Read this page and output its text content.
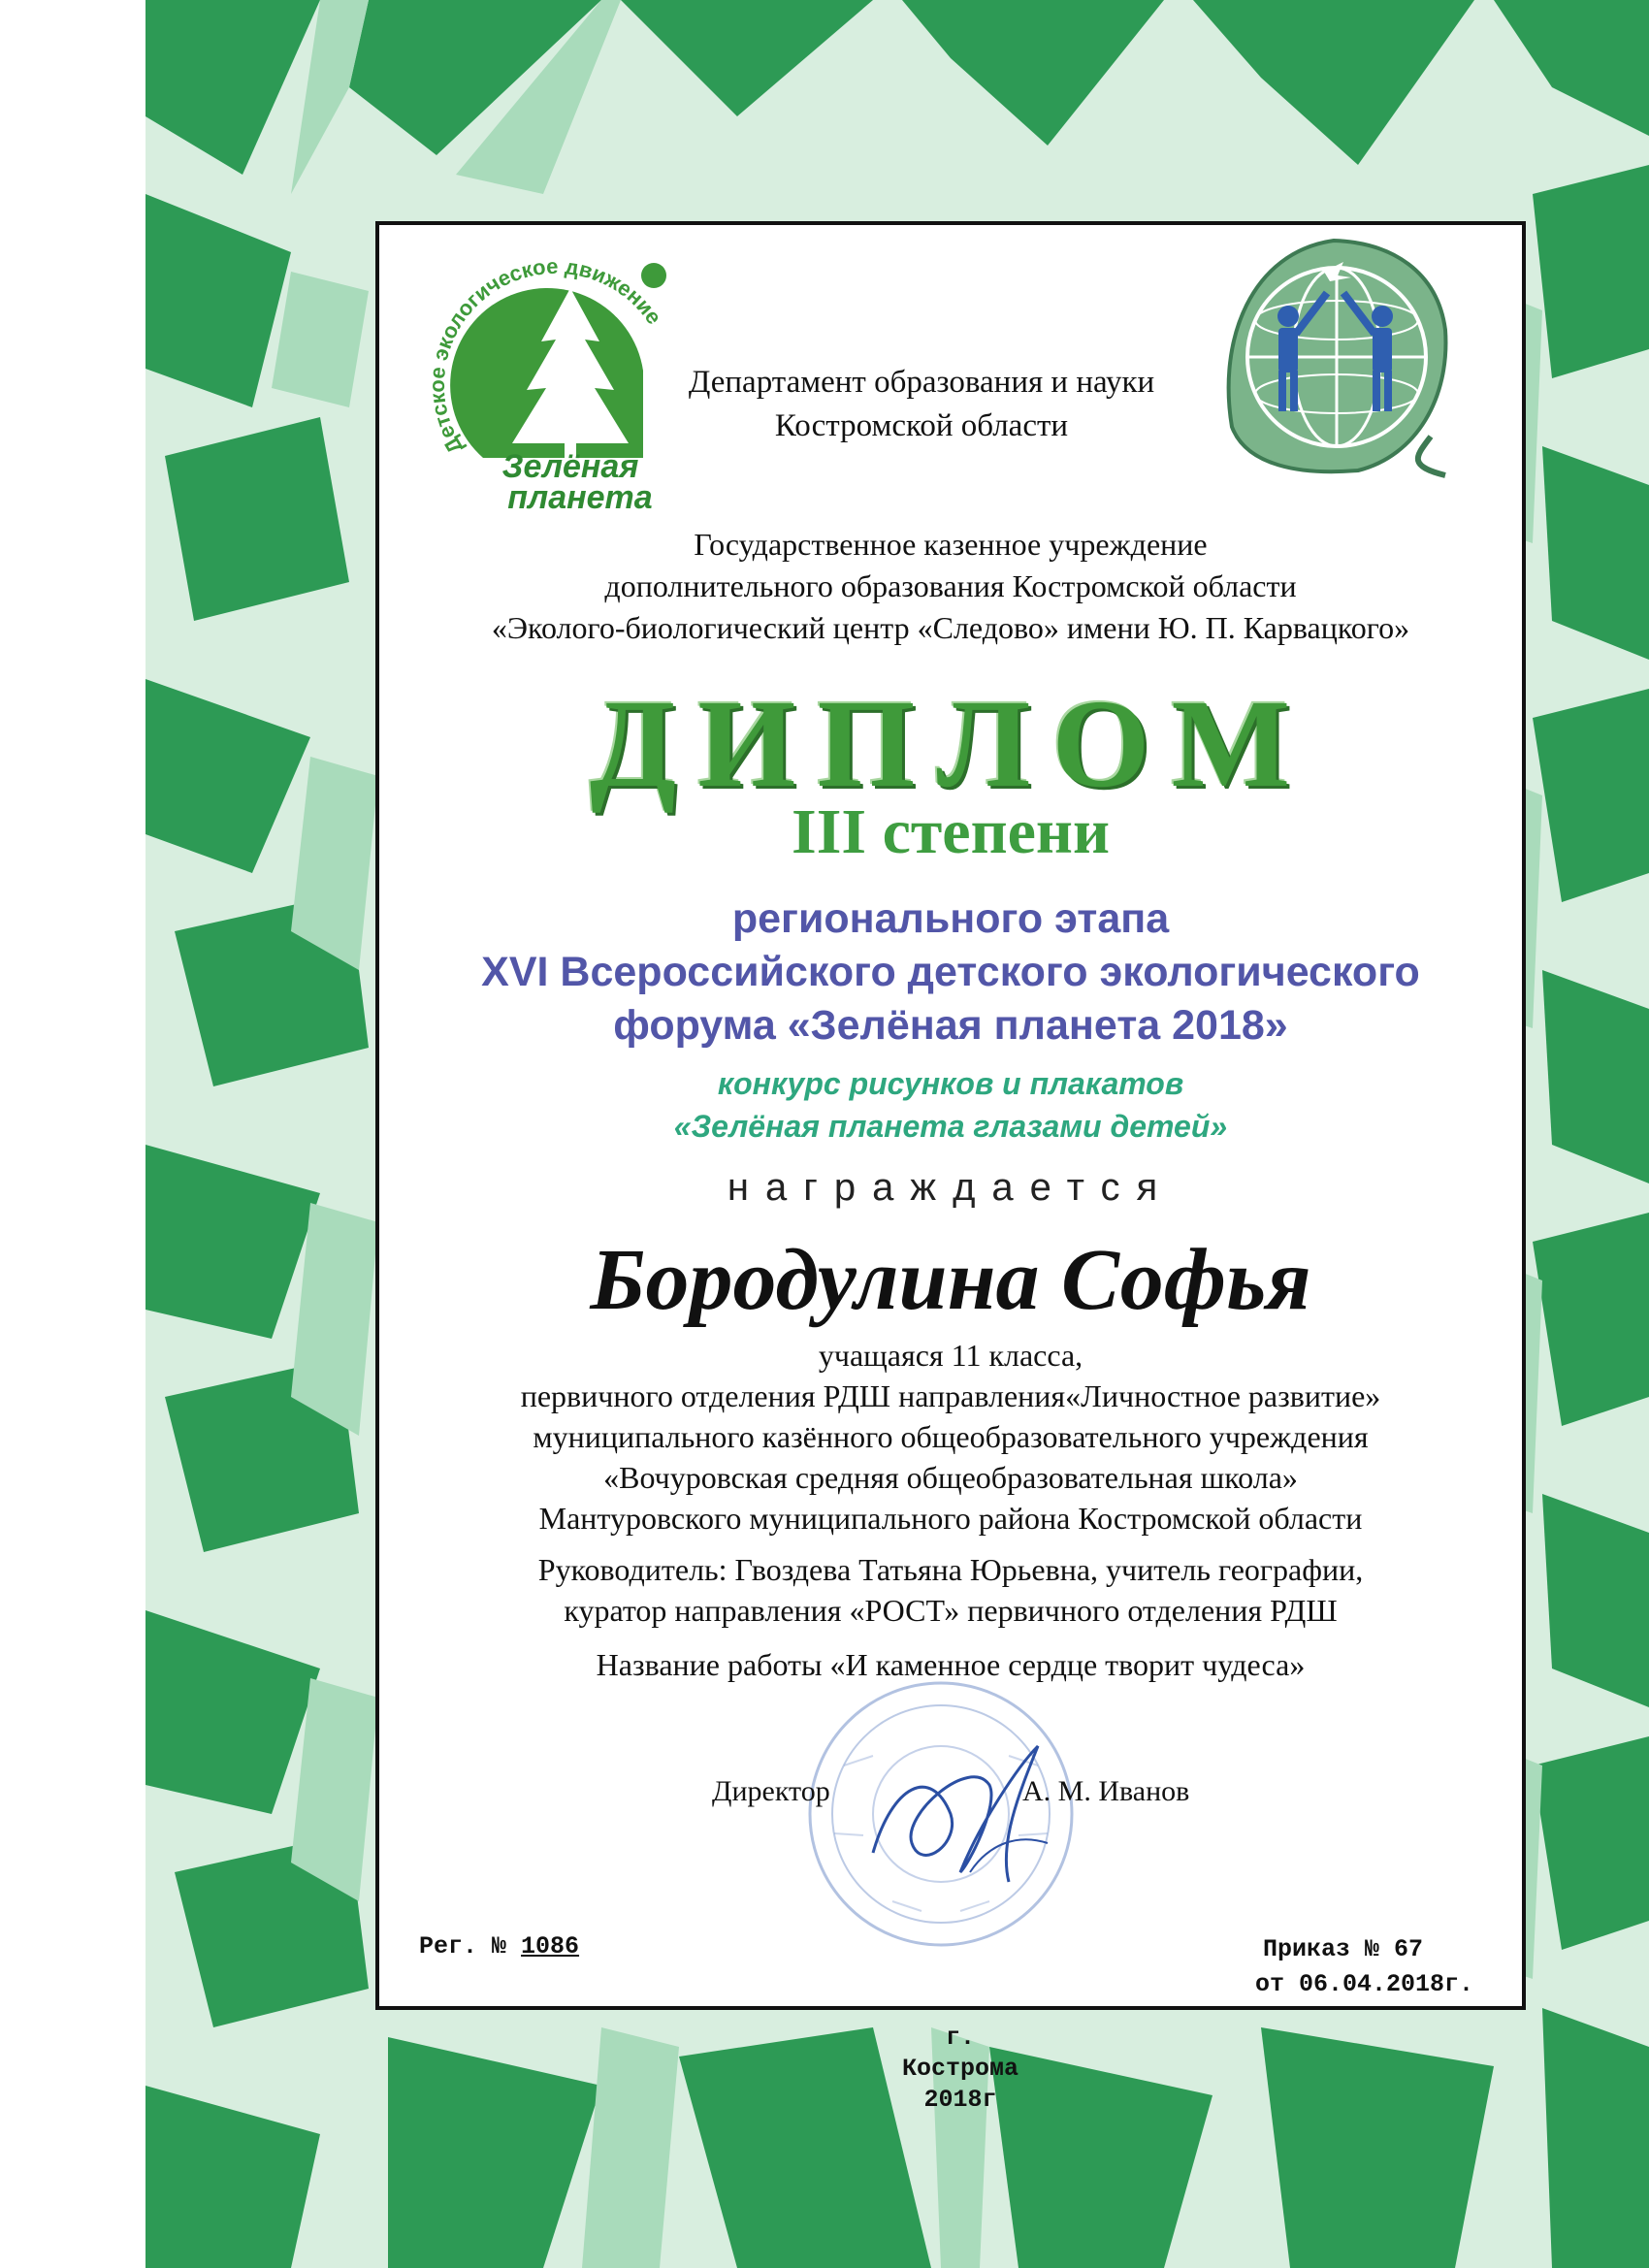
Детское экологическое движение
Зелёная
планета
Департамент образования и науки
Костромской области
Государственное казенное учреждение
дополнительного образования Костромской области
«Эколого-биологический центр «Следово» имени Ю. П. Карвацкого»
ДИПЛОМ
III степени
регионального этапа
XVI Всероссийского детского экологического
форума «Зелёная планета 2018»
конкурс рисунков и плакатов
«Зелёная планета глазами детей»
награждается
Бородулина Софья
учащаяся 11 класса,
первичного отделения РДШ направления«Личностное развитие»
муниципального казённого общеобразовательного учреждения
«Вочуровская средняя общеобразовательная школа»
Мантуровского муниципального района Костромской области
Руководитель: Гвоздева Татьяна Юрьевна, учитель географии,
куратор направления «РОСТ» первичного отделения РДШ
Название работы «И каменное сердце творит чудеса»
Директор	А. М. Иванов
Рег. № 1086	Приказ № 67
от 06.04.2018г.
г. Кострома
2018г
